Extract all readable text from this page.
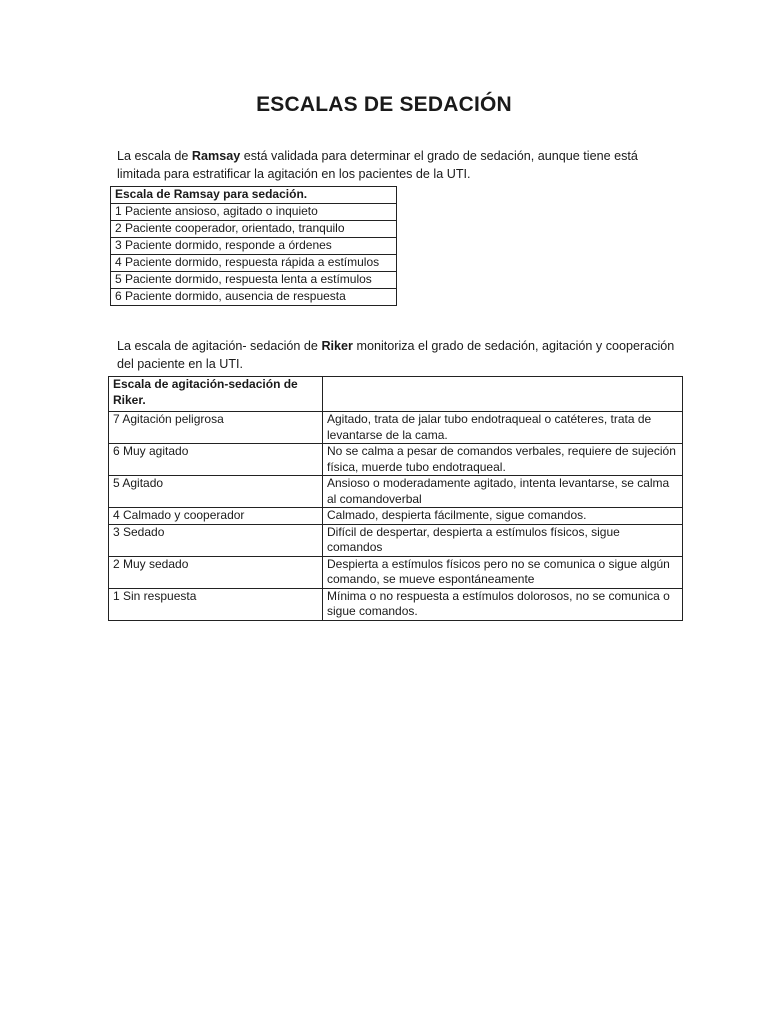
ESCALAS DE SEDACIÓN

La escala de Ramsay está validada para determinar el grado de sedación, aunque tiene está limitada para estratificar la agitación en los pacientes de la UTI.

Escala de Ramsay para sedación.
1 Paciente ansioso, agitado o inquieto
2 Paciente cooperador, orientado, tranquilo
3 Paciente dormido, responde a órdenes
4 Paciente dormido, respuesta rápida a estímulos
5 Paciente dormido, respuesta lenta a estímulos
6 Paciente dormido, ausencia de respuesta

La escala de agitación- sedación de Riker monitoriza el grado de sedación, agitación y cooperación del paciente en la UTI.

Escala de agitación-sedación de Riker.	
7 Agitación peligrosa	Agitado, trata de jalar tubo endotraqueal o catéteres, trata de levantarse de la cama.
6 Muy agitado	No se calma a pesar de comandos verbales, requiere de sujeción física, muerde tubo endotraqueal.
5 Agitado	Ansioso o moderadamente agitado, intenta levantarse, se calma al comandoverbal
4 Calmado y cooperador	Calmado, despierta fácilmente, sigue comandos.
3 Sedado	Difícil de despertar, despierta a estímulos físicos, sigue comandos
2 Muy sedado	Despierta a estímulos físicos pero no se comunica o sigue algún comando, se mueve espontáneamente
1 Sin respuesta	Mínima o no respuesta a estímulos dolorosos, no se comunica o sigue comandos.
